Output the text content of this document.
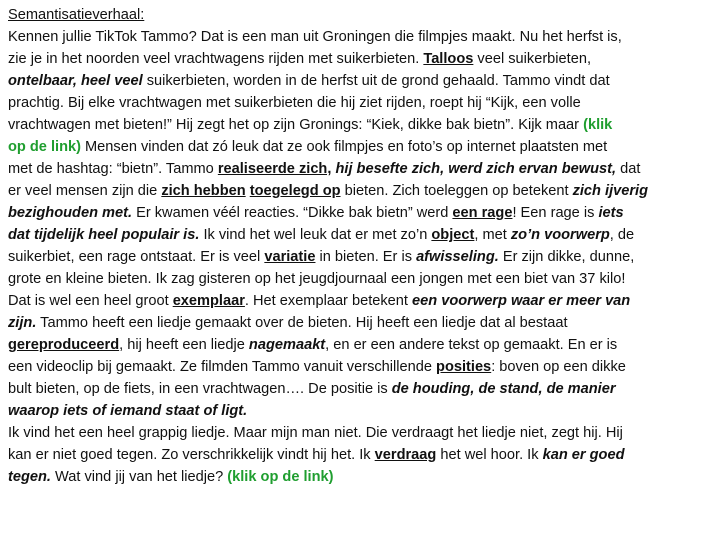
Semantisatieverhaal:
Kennen jullie TikTok Tammo? Dat is een man uit Groningen die filmpjes maakt. Nu het herfst is,
zie je in het noorden veel vrachtwagens rijden met suikerbieten. Talloos veel suikerbieten,
ontelbaar, heel veel suikerbieten, worden in de herfst uit de grond gehaald. Tammo vindt dat
prachtig. Bij elke vrachtwagen met suikerbieten die hij ziet rijden, roept hij “Kijk, een volle
vrachtwagen met bieten!” Hij zegt het op zijn Gronings: “Kiek, dikke bak bietn”. Kijk maar (klik
op de link) Mensen vinden dat zó leuk dat ze ook filmpjes en foto’s op internet plaatsten met
met de hashtag: “bietn”. Tammo realiseerde zich, hij besefte zich, werd zich ervan bewust, dat
er veel mensen zijn die zich hebben toegelegd op bieten. Zich toeleggen op betekent zich ijverig
bezighouden met. Er kwamen véél reacties. “Dikke bak bietn” werd een rage! Een rage is iets
dat tijdelijk heel populair is. Ik vind het wel leuk dat er met zo’n object, met zo’n voorwerp, de
suikerbiet, een rage ontstaat. Er is veel variatie in bieten. Er is afwisseling. Er zijn dikke, dunne,
grote en kleine bieten. Ik zag gisteren op het jeugdjournaal een jongen met een biet van 37 kilo!
Dat is wel een heel groot exemplaar. Het exemplaar betekent een voorwerp waar er meer van
zijn. Tammo heeft een liedje gemaakt over de bieten. Hij heeft een liedje dat al bestaat
gereproduceerd, hij heeft een liedje nagemaakt, en er een andere tekst op gemaakt. En er is
een videoclip bij gemaakt. Ze filmden Tammo vanuit verschillende posities: boven op een dikke
bult bieten, op de fiets, in een vrachtwagen…. De positie is de houding, de stand, de manier
waarop iets of iemand staat of ligt.
Ik vind het een heel grappig liedje. Maar mijn man niet. Die verdraagt het liedje niet, zegt hij. Hij
kan er niet goed tegen. Zo verschrikkelijk vindt hij het. Ik verdraag het wel hoor. Ik kan er goed
tegen. Wat vind jij van het liedje? (klik op de link)
